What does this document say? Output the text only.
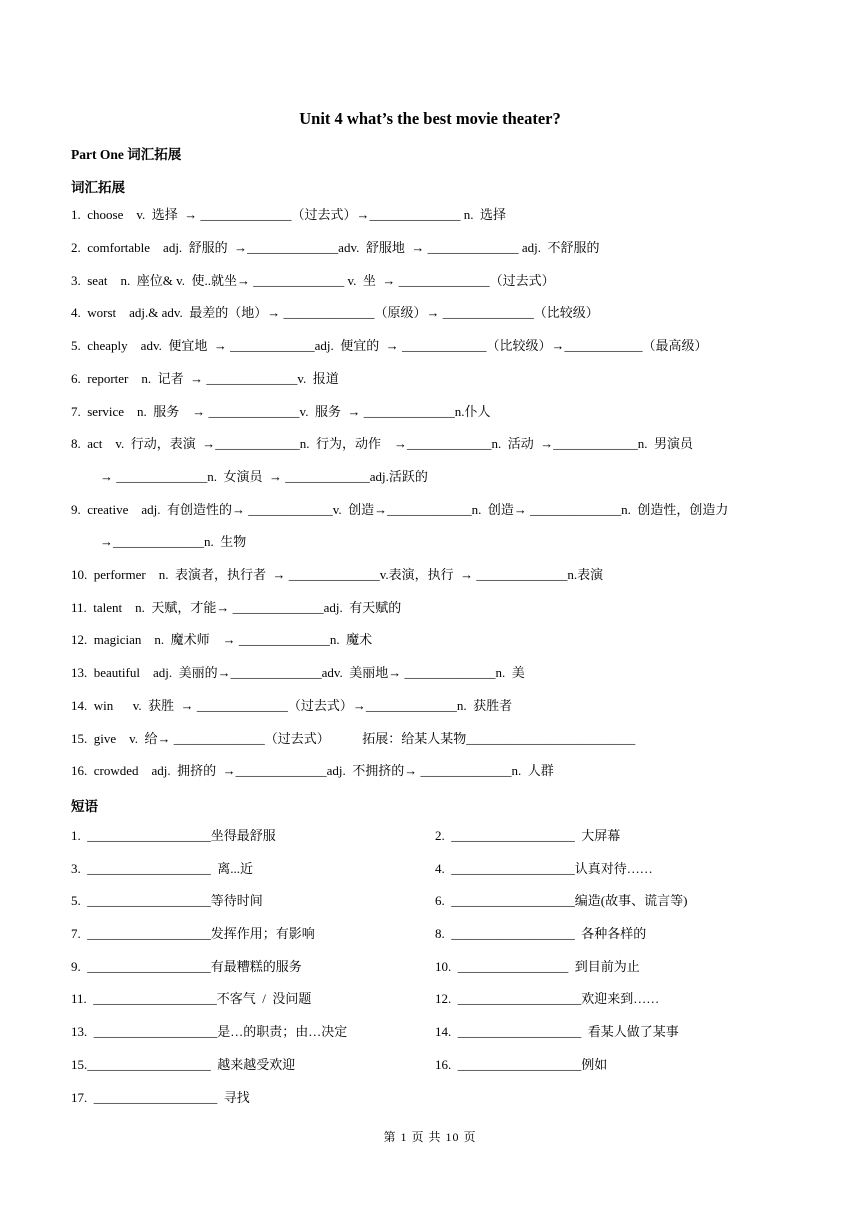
Unit 4 what’s the best movie theater?
Part One 词汇拓展
词汇拓展
1.  choose    v.  选择  → ______________（过去式）→______________ n.  选择
2.  comfortable    adj.  舒服的  →______________adv.  舒服地  → ______________ adj.  不舒服的
3.  seat    n.  座位& v.  使..就坐→ ______________ v.  坐  → ______________（过去式）
4.  worst    adj.& adv.  最差的（地）→ ______________（原级）→ ______________（比较级）
5.  cheaply    adv.  便宜地  → _____________adj.  便宜的  → _____________（比较级）→____________（最高级）
6.  reporter    n.  记者  → ______________v.  报道
7.  service    n.  服务    → ______________v.  服务  → ______________n.仆人
8.  act    v.  行动，表演  →_____________n.  行为，动作    →_____________n.  活动  →_____________n.  男演员
→ ______________n.  女演员  → _____________adj.活跃的
9.  creative    adj.  有创造性的→ _____________v.  创造→_____________n.  创造→ ______________n.  创造性，创造力
→______________n.  生物
10.  performer    n.  表演者，执行者  → ______________v.表演，执行  → ______________n.表演
11.  talent    n.  天赋，才能→ ______________adj.  有天赋的
12.  magician    n.  魔术师    → ______________n.  魔术
13.  beautiful    adj.  美丽的→______________adv.  美丽地→ ______________n.  美
14.  win      v.  获胜  → ______________（过去式）→______________n.  获胜者
15.  give    v.  给→ ______________（过去式）          拓展：给某人某物__________________________
16.  crowded    adj.  拥挤的  →______________adj.  不拥挤的→ ______________n.  人群
短语
1.  ___________________坐得最舒服	2.  ___________________  大屏幕
3.  ___________________  离...近	4.  ___________________认真对待……
5.  ___________________等待时间	6.  ___________________编造(故事、谎言等)
7.  ___________________发挥作用；有影响	8.  ___________________  各种各样的
9.  ___________________有最糟糕的服务	10.  _________________  到目前为止
11.  ___________________不客气  /  没问题	12.  ___________________欢迎来到……
13.  ___________________是…的职责；由…决定	14.  ___________________  看某人做了某事
15.___________________  越来越受欢迎	16.  ___________________例如
17.  ___________________  寻找
第 1 页 共 10 页
